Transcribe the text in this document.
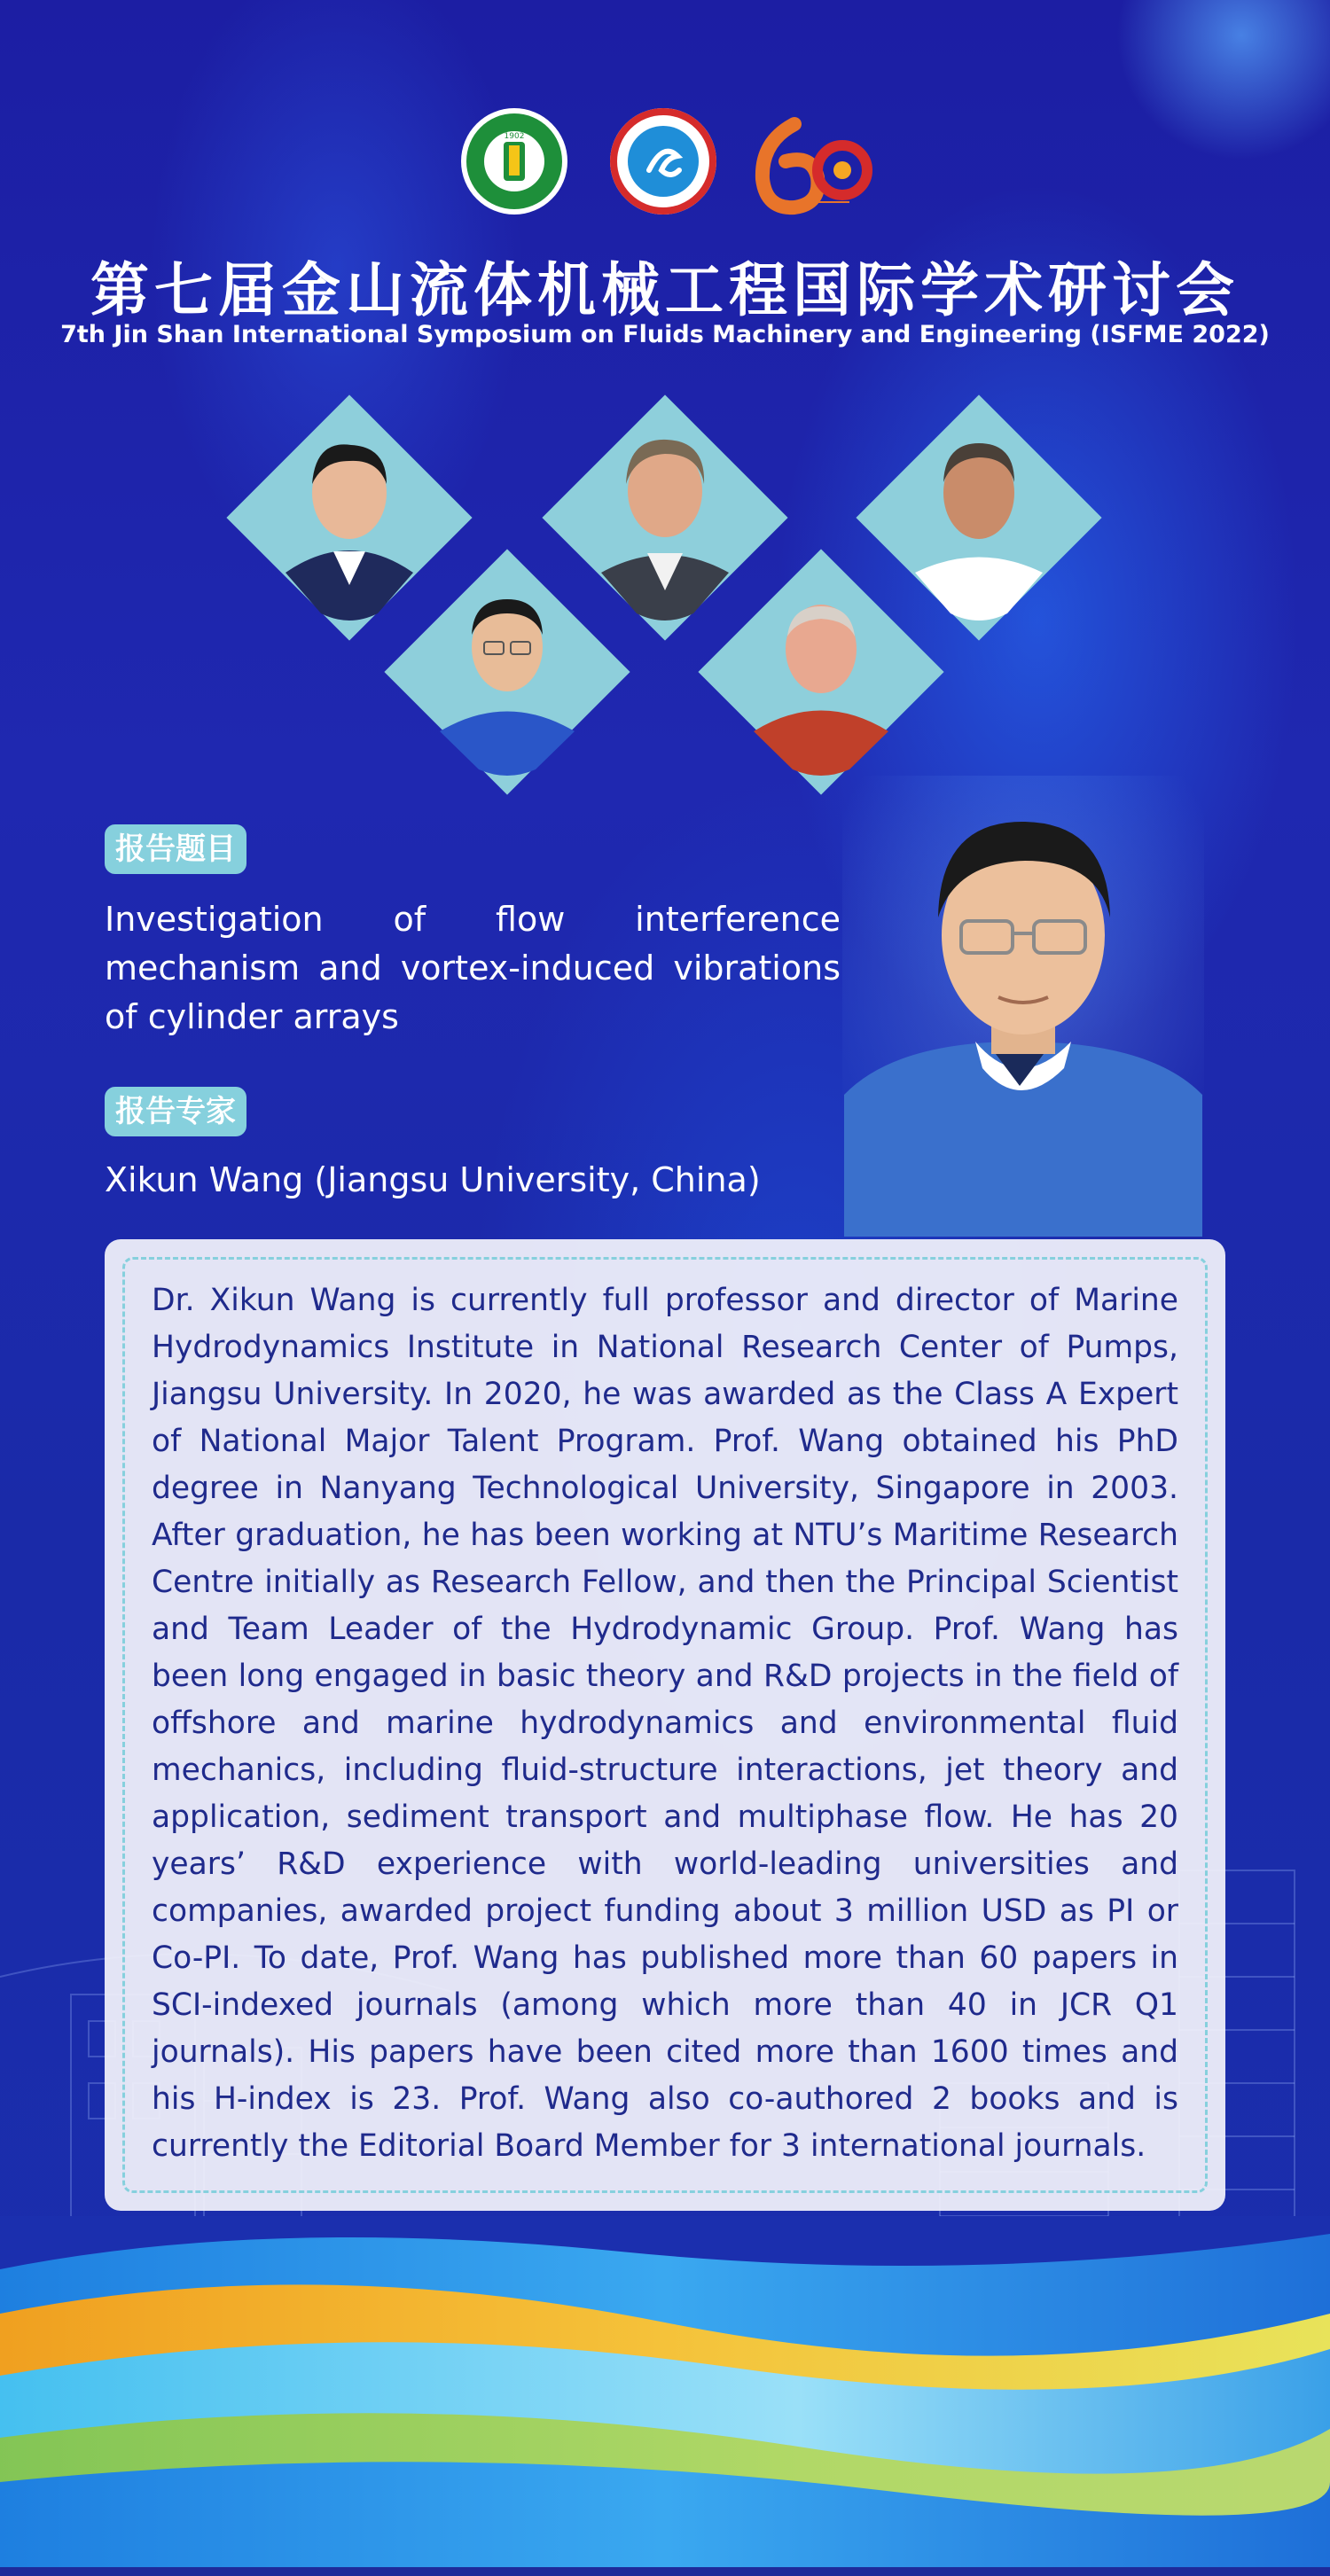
1902
第七届金山流体机械工程国际学术研讨会
7th Jin Shan International Symposium on Fluids Machinery and Engineering (ISFME 2022)
报告题目
Investigation of flow interference mechanism and vortex-induced vibrations of cylinder arrays
报告专家
Xikun Wang (Jiangsu University, China)
Dr. Xikun Wang is currently full professor and director of Marine Hydrodynamics Institute in National Research Center of Pumps, Jiangsu University. In 2020, he was awarded as the Class A Expert of National Major Talent Program. Prof. Wang obtained his PhD degree in Nanyang Technological University, Singapore in 2003. After graduation, he has been working at NTU’s Maritime Research Centre initially as Research Fellow, and then the Principal Scientist and Team Leader of the Hydrodynamic Group. Prof. Wang has been long engaged in basic theory and R&D projects in the field of offshore and marine hydrodynamics and environmental fluid mechanics, including fluid-structure interactions, jet theory and application, sediment transport and multiphase flow. He has 20 years’ R&D experience with world-leading universities and companies, awarded project funding about 3 million USD as PI or Co-PI. To date, Prof. Wang has published more than 60 papers in SCI-indexed journals (among which more than 40 in JCR Q1 journals). His papers have been cited more than 1600 times and his H-index is 23. Prof. Wang also co-authored 2 books and is currently the Editorial Board Member for 3 international journals.
